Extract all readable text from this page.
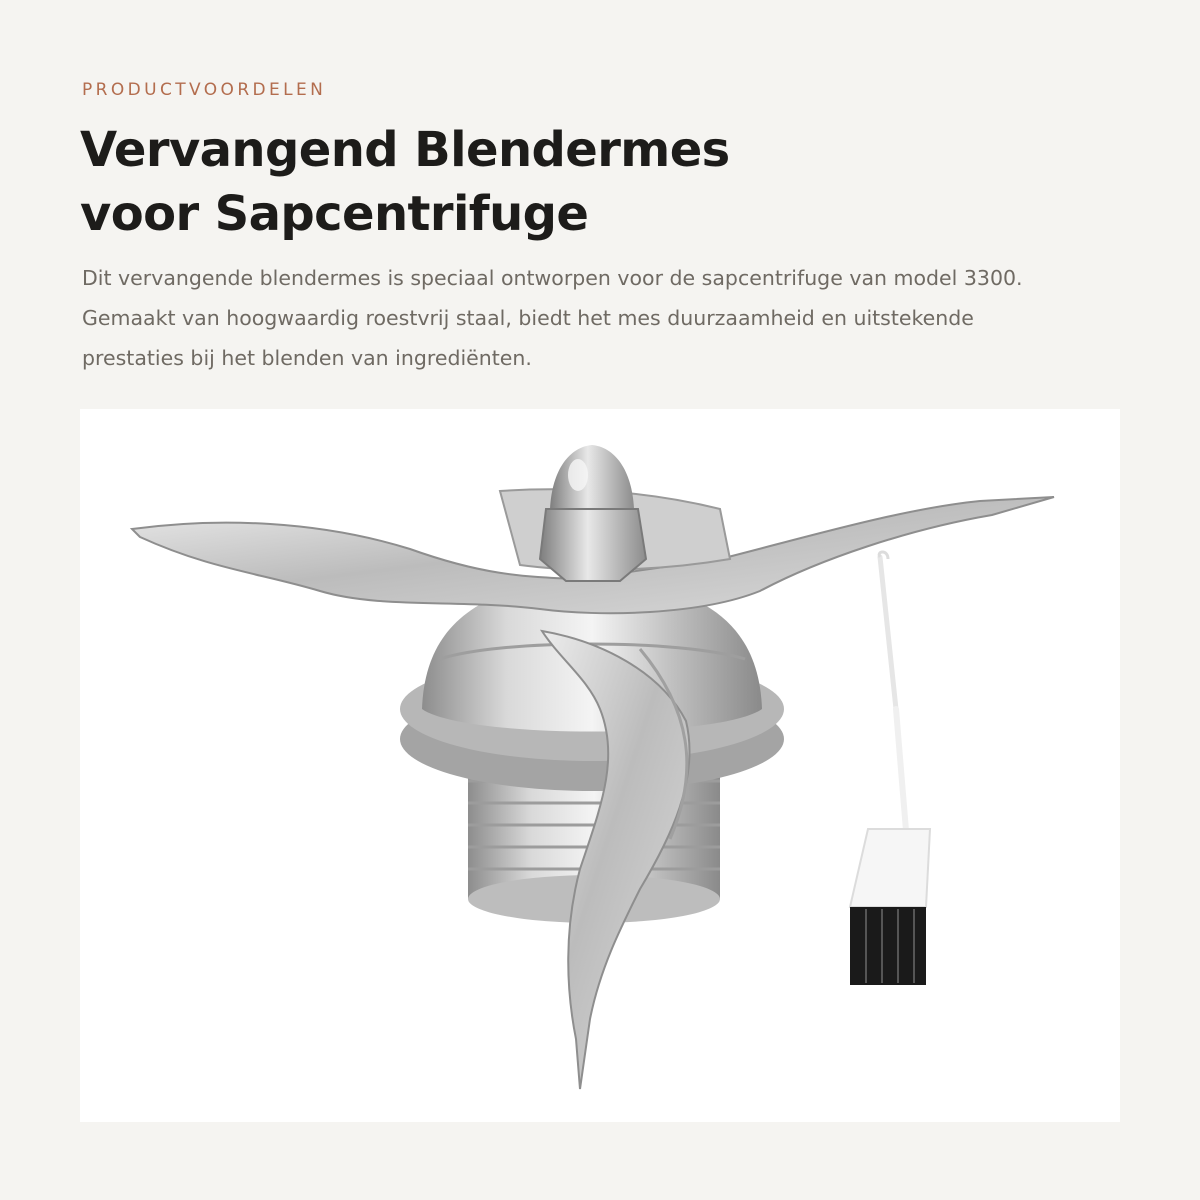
PRODUCTVOORDELEN
Vervangend Blendermes
voor Sapcentrifuge

Dit vervangende blendermes is speciaal ontworpen voor de sapcentrifuge van model 3300. Gemaakt van hoogwaardig roestvrij staal, biedt het mes duurzaamheid en uitstekende prestaties bij het blenden van ingrediënten.
